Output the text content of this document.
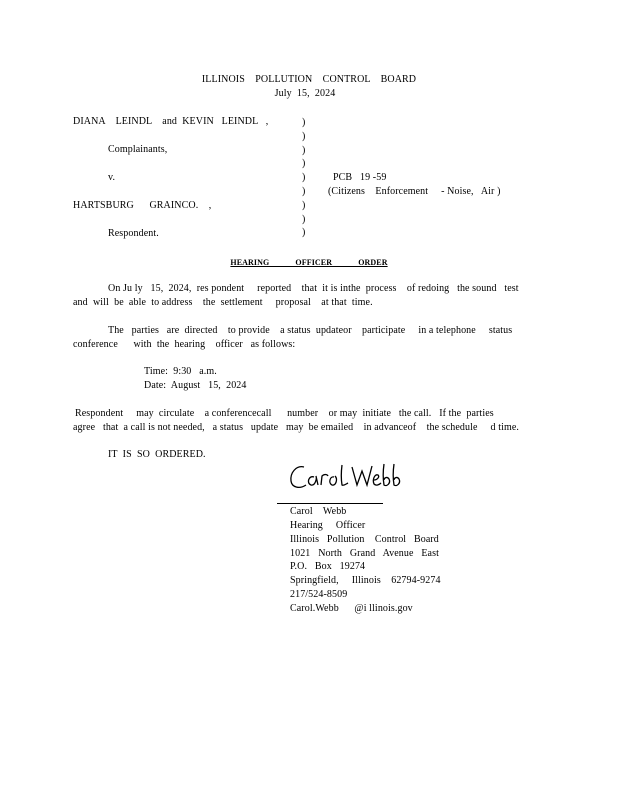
ILLINOIS    POLLUTION    CONTROL    BOARD
July  15,  2024
DIANA    LEINDL    and  KEVIN   LEINDL   ,
Complainants,
v.	PCB   19 -59
(Citizens    Enforcement     - Noise,   Air )
HARTSBURG      GRAINCO.    ,
Respondent.
)
)
)
)
)
)
)
)
)
HEARING OFFICER ORDER
On Ju ly   15,  2024,  res pondent     reported    that  it is inthe  process    of redoing   the sound   test
and  will  be  able  to address    the  settlement     proposal    at that  time.
The   parties   are  directed    to provide    a status  updateor    participate     in a telephone     status
conference      with  the  hearing    officer   as follows:
Time:  9:30   a.m.
Date:  August   15,  2024
Respondent     may  circulate    a conferencecall      number    or may  initiate   the call.   If the  parties
agree   that  a call is not needed,   a status   update   may  be emailed    in advanceof    the schedule     d time.
IT  IS  SO  ORDERED.
Carol    Webb
Hearing     Officer
Illinois   Pollution    Control   Board
1021   North   Grand   Avenue   East
P.O.   Box   19274
Springfield,     Illinois    62794-9274
217/524-8509
Carol.Webb      @i llinois.gov
